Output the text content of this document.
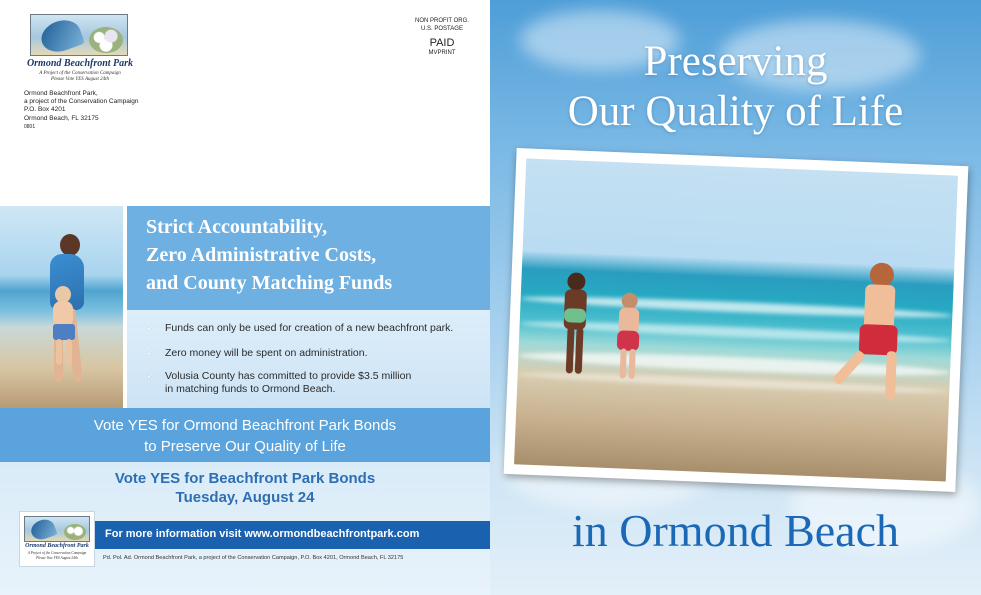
Ormond Beachfront Park
A Project of the Conservation Campaign
Please Vote YES August 24th
Ormond Beachfront Park,
a project of the Conservation Campaign
P.O. Box 4201
Ormond Beach, FL 32175
0801
NON PROFIT ORG.
U.S. POSTAGE
PAID
MVPRINT
Strict Accountability,
Zero Administrative Costs,
and County Matching Funds
✓ Funds can only be used for creation of a new beachfront park.
✓ Zero money will be spent on administration.
✓ Volusia County has committed to provide $3.5 million
in matching funds to Ormond Beach.
Vote YES for Ormond Beachfront Park Bonds
to Preserve Our Quality of Life
Vote YES for Beachfront Park Bonds
Tuesday, August 24
Ormond Beachfront Park
A Project of the Conservation Campaign
Please Vote YES August 24th
For more information visit www.ormondbeachfrontpark.com
Pd. Pol. Ad. Ormond Beachfront Park, a project of the Conservation Campaign, P.O. Box 4201, Ormond Beach, FL 32175
Preserving
Our Quality of Life
in Ormond Beach
